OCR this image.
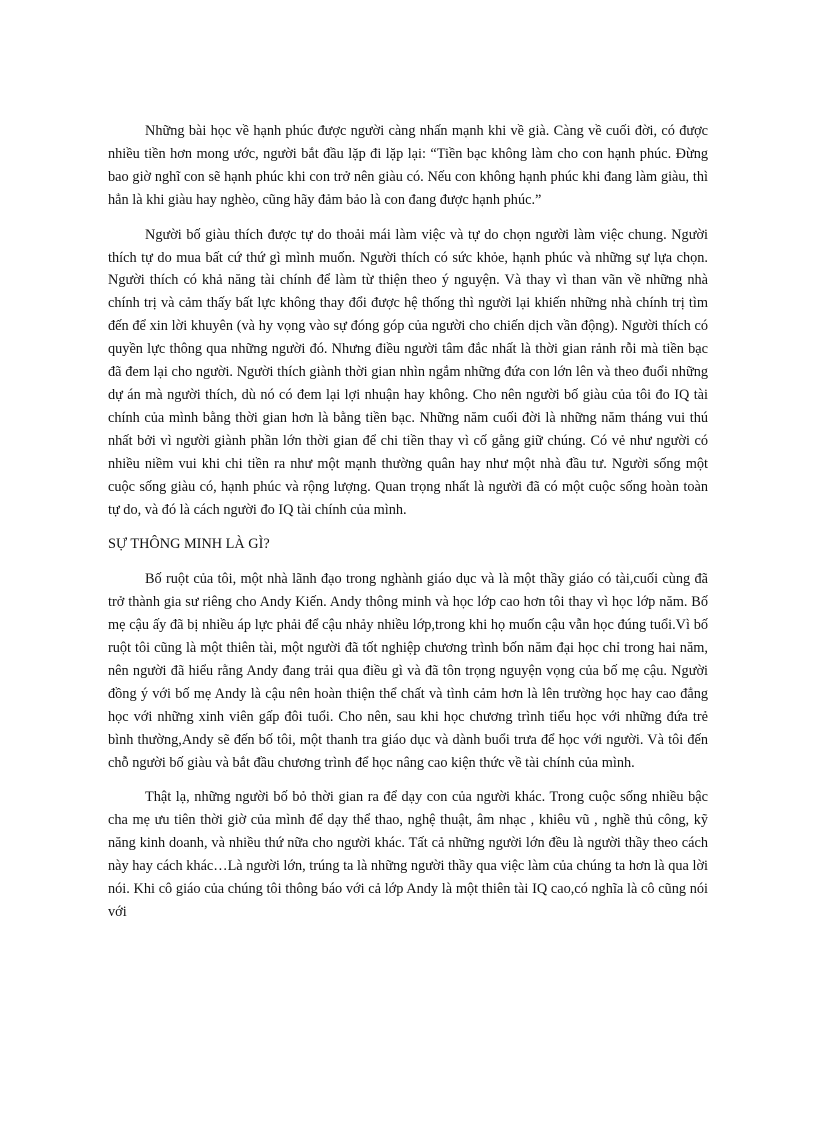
Những bài học về hạnh phúc được người càng nhấn mạnh khi về già. Càng về cuối đời, có được nhiều tiền hơn mong ước, người bắt đầu lặp đi lặp lại: “Tiền bạc không làm cho con hạnh phúc. Đừng bao giờ nghĩ con sẽ hạnh phúc khi con trở nên giàu có. Nếu con không hạnh phúc khi đang làm giàu, thì hẳn là khi giàu hay nghèo, cũng hãy đảm bảo là con đang được hạnh phúc.”

Người bố giàu thích được tự do thoải mái làm việc và tự do chọn người làm việc chung. Người thích tự do mua bất cứ thứ gì mình muốn. Người thích có sức khỏe, hạnh phúc và những sự lựa chọn. Người thích có khả năng tài chính để làm từ thiện theo ý nguyện. Và thay vì than vãn về những nhà chính trị và cảm thấy bất lực không thay đổi được hệ thống thì người lại khiến những nhà chính trị tìm đến để xin lời khuyên (và hy vọng vào sự đóng góp của người cho chiến dịch vần động). Người thích có quyền lực thông qua những người đó. Nhưng điều người tâm đắc nhất là thời gian rảnh rỗi mà tiền bạc đã đem lại cho người. Người thích giành thời gian nhìn ngắm những đứa con lớn lên và theo đuổi những dự án mà người thích, dù nó có đem lại lợi nhuận hay không. Cho nên người bố giàu của tôi đo IQ tài chính của mình bằng thời gian hơn là bằng tiền bạc. Những năm cuối đời là những năm tháng vui thú nhất bởi vì người giành phần lớn thời gian để chi tiền thay vì cố gằng giữ chúng. Có vẻ như người có nhiều niềm vui khi chi tiền ra như một mạnh thường quân hay như một nhà đầu tư. Người sống một cuộc sống giàu có, hạnh phúc và rộng lượng. Quan trọng nhất là người đã có một cuộc sống hoàn toàn tự do, và đó là cách người đo IQ tài chính của mình.

SỰ THÔNG MINH LÀ GÌ?

Bố ruột của tôi, một nhà lãnh đạo trong nghành giáo dục và là một thầy giáo có tài,cuối cùng đã trở thành gia sư riêng cho Andy Kiến. Andy thông minh và học lớp cao hơn tôi thay vì học lớp năm. Bố mẹ cậu ấy đã bị nhiều áp lực phải để cậu nhảy nhiều lớp,trong khi họ muốn cậu vẫn học đúng tuổi.Vì bố ruột tôi cũng là một thiên tài, một người đã tốt nghiệp chương trình bốn năm đại học chỉ trong hai năm, nên người đã hiểu rằng Andy đang trải qua điều gì và đã tôn trọng nguyện vọng của bố mẹ cậu. Người đồng ý với bố mẹ Andy là cậu nên hoàn thiện thể chất và tình cảm hơn là lên trường học hay cao đẳng học với những xinh viên gấp đôi tuổi. Cho nên, sau khi học chương trình tiểu học với những đứa trẻ bình thường,Andy sẽ đến bố tôi, một thanh tra giáo dục và dành buổi trưa để học với người. Và tôi đến chỗ người bố giàu và bắt đầu chương trình để học nâng cao kiện thức về tài chính của mình.

Thật lạ, những người bố bỏ thời gian ra để dạy con của người khác. Trong cuộc sống nhiều bậc cha mẹ ưu tiên thời giờ của mình để dạy thể thao, nghệ thuật, âm nhạc , khiêu vũ , nghề thủ công, kỹ năng kinh doanh, và nhiều thứ nữa cho người khác. Tất cả những người lớn đều là người thầy theo cách này hay cách khác…Là người lớn, trúng ta là những người thầy qua việc làm của chúng ta hơn là qua lời nói. Khi cô giáo của chúng tôi thông báo với cả lớp Andy là một thiên tài IQ cao,có nghĩa là cô cũng nói với
